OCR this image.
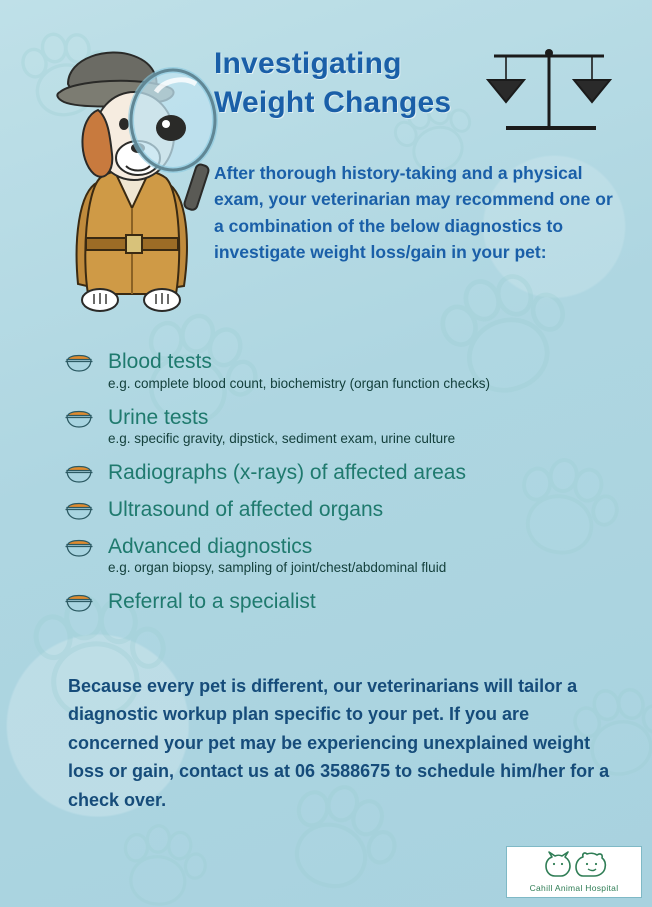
Investigating
Weight Changes
After thorough history-taking and a physical exam, your veterinarian may recommend one or a combination of the below diagnostics to investigate weight loss/gain in your pet:
Blood tests
e.g. complete blood count, biochemistry (organ function checks)
Urine tests
e.g. specific gravity, dipstick, sediment exam, urine culture
Radiographs (x-rays) of affected areas
Ultrasound of affected organs
Advanced diagnostics
e.g. organ biopsy, sampling of joint/chest/abdominal fluid
Referral to a specialist
Because every pet is different, our veterinarians will tailor a diagnostic workup plan specific to your pet. If you are concerned your pet may be experiencing unexplained weight loss or gain, contact us at 06 3588675 to schedule him/her for a check over.
Cahill Animal Hospital
